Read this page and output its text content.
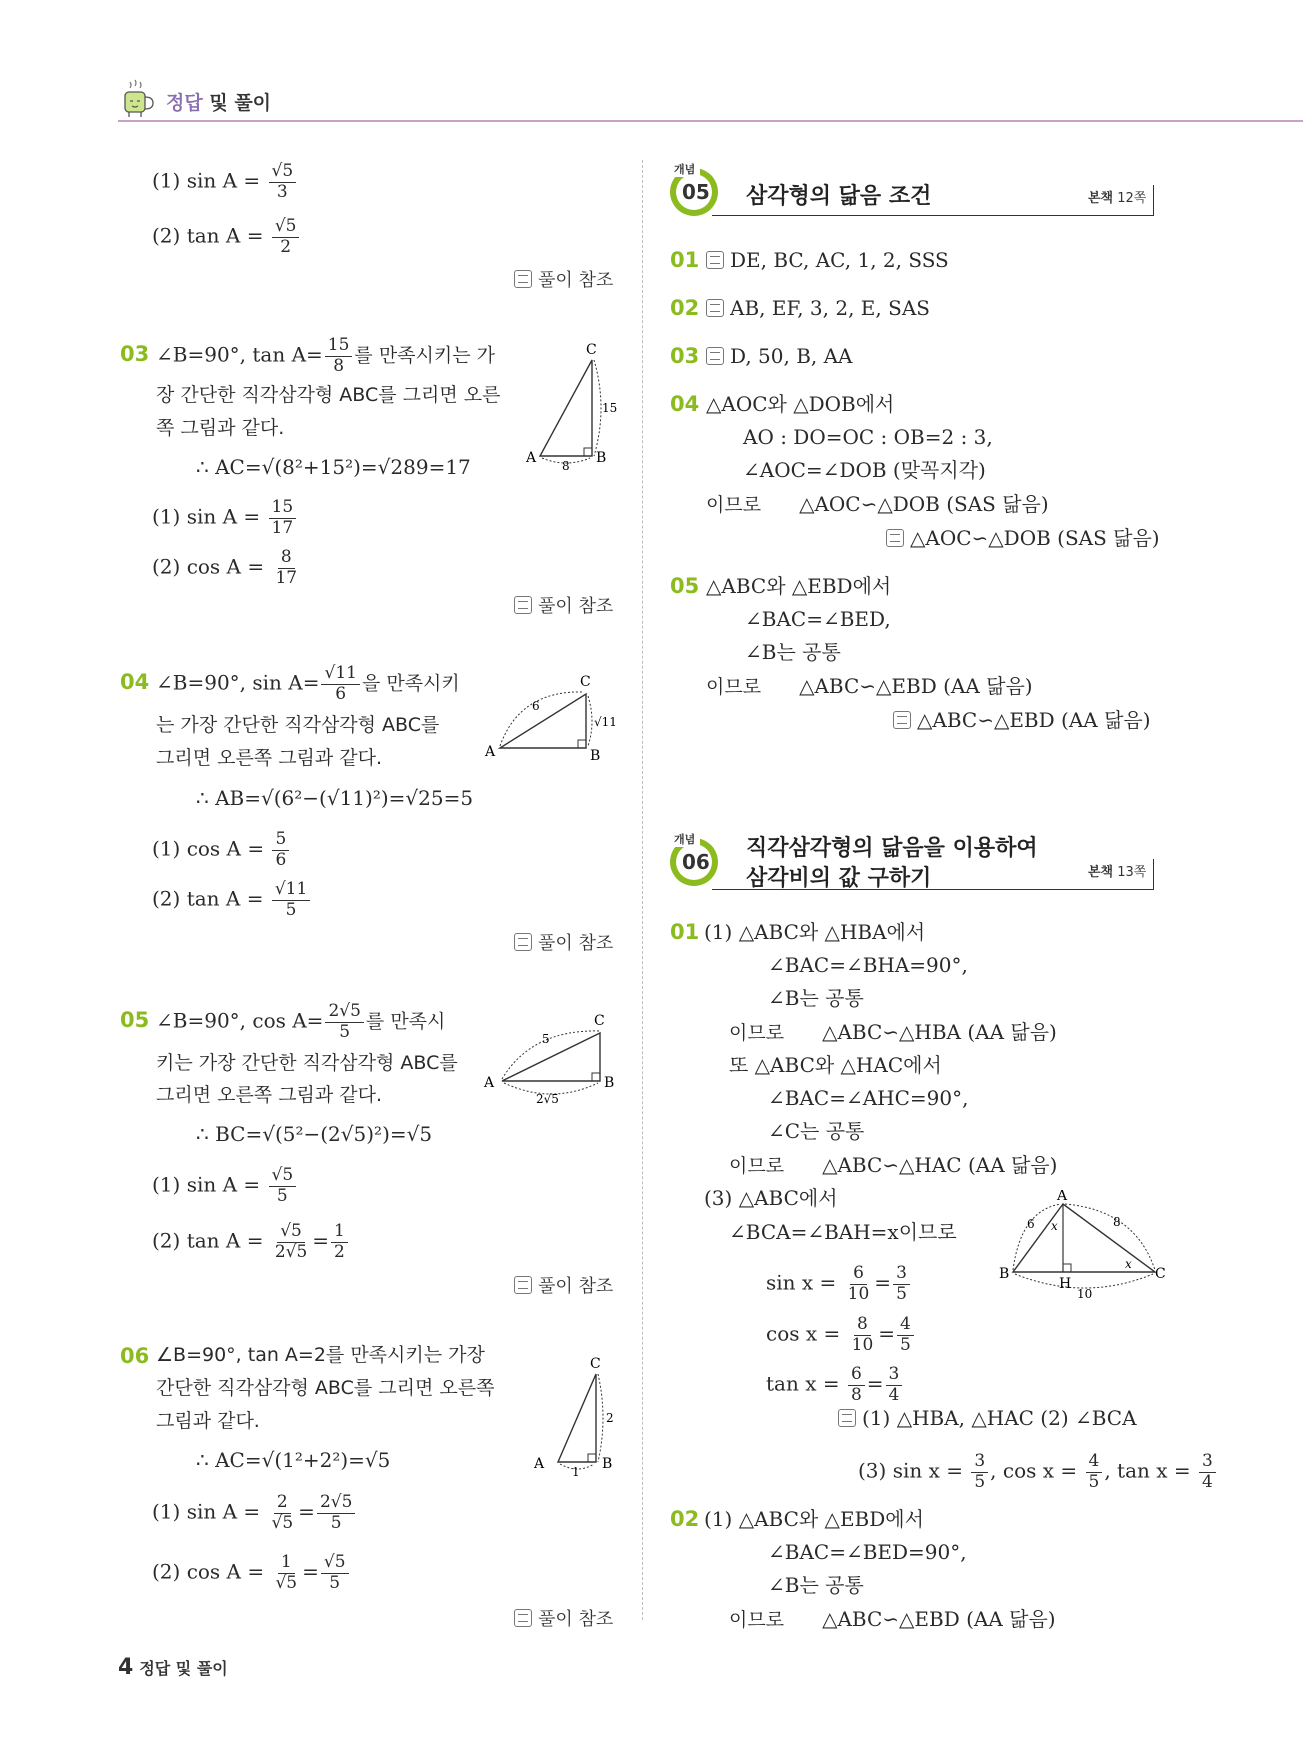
정답 및 풀이
(1) $\sin A = \frac{√5}{3}$
(2) $\tan A = \frac{√5}{2}$
풀이 참조
03 ∠B=90°, $\tan A= \frac{15}{8}$ 를 만족시키는 가
장 간단한 직각삼각형 ABC를 그리면 오른
쪽 그림과 같다.
∴ AC=√(8²+15²)=√289=17
(1) $\sin A = \frac{15}{17}$
(2) $\cos A = \frac{8}{17}$
풀이 참조
C
A	B
8
15
04 ∠B=90°, $\sin A= \frac{√11}{6}$ 을 만족시키
는 가장 간단한 직각삼각형 ABC를
그리면 오른쪽 그림과 같다.
∴ AB=√(6²−(√11)²)=√25=5
(1) $\cos A = \frac{5}{6}$
(2) $\tan A = \frac{√11}{5}$
풀이 참조
C
A	B
6
√11
05 ∠B=90°, $\cos A= \frac{2√5}{5}$ 를 만족시
키는 가장 간단한 직각삼각형 ABC를
그리면 오른쪽 그림과 같다.
∴ BC=√(5²−(2√5)²)=√5
(1) $\sin A = \frac{√5}{5}$
(2) $\tan A = \frac{√5}{2√5} = \frac{1}{2}$
풀이 참조
C
A	B
5
2√5
06 ∠B=90°, tan A=2를 만족시키는 가장
간단한 직각삼각형 ABC를 그리면 오른쪽
그림과 같다.
∴ AC=√(1²+2²)=√5
(1) $\sin A = \frac{2}{√5} = \frac{2√5}{5}$
(2) $\cos A = \frac{1}{√5} = \frac{√5}{5}$
풀이 참조
C
A	B
1
2
개념
05 삼각형의 닮음 조건	본책 12쪽
01	DE, BC, AC, 1, 2, SSS
02	AB, EF, 3, 2, E, SAS
03	D, 50, B, AA
04 △AOC와 △DOB에서
AO : DO=OC : OB=2 : 3,
∠AOC=∠DOB (맞꼭지각)
이므로 △AOC∽△DOB (SAS 닮음)
△AOC∽△DOB (SAS 닮음)
05 △ABC와 △EBD에서
∠BAC=∠BED,
∠B는 공통
이므로 △ABC∽△EBD (AA 닮음)
△ABC∽△EBD (AA 닮음)
개념
06
직각삼각형의 닮음을 이용하여
삼각비의 값 구하기	본책 13쪽
01 (1) △ABC와 △HBA에서
∠BAC=∠BHA=90°,
∠B는 공통
이므로 △ABC∽△HBA (AA 닮음)
또 △ABC와 △HAC에서
∠BAC=∠AHC=90°,
∠C는 공통
이므로 △ABC∽△HAC (AA 닮음)
(3) △ABC에서
∠BCA=∠BAH=x이므로
$\sin x = \frac{6}{10} = \frac{3}{5}$
$\cos x = \frac{8}{10} = \frac{4}{5}$
$\tan x = \frac{6}{8} = \frac{3}{4}$
(1) △HBA, △HAC (2) ∠BCA
(3) $\sin x = \frac{3}{5}$ , $\cos x = \frac{4}{5}$ , $\tan x = \frac{3}{4}$
A
B	C
H
6	8
10
x
x
02 (1) △ABC와 △EBD에서
∠BAC=∠BED=90°,
∠B는 공통
이므로 △ABC∽△EBD (AA 닮음)
4 정답 및 풀이
